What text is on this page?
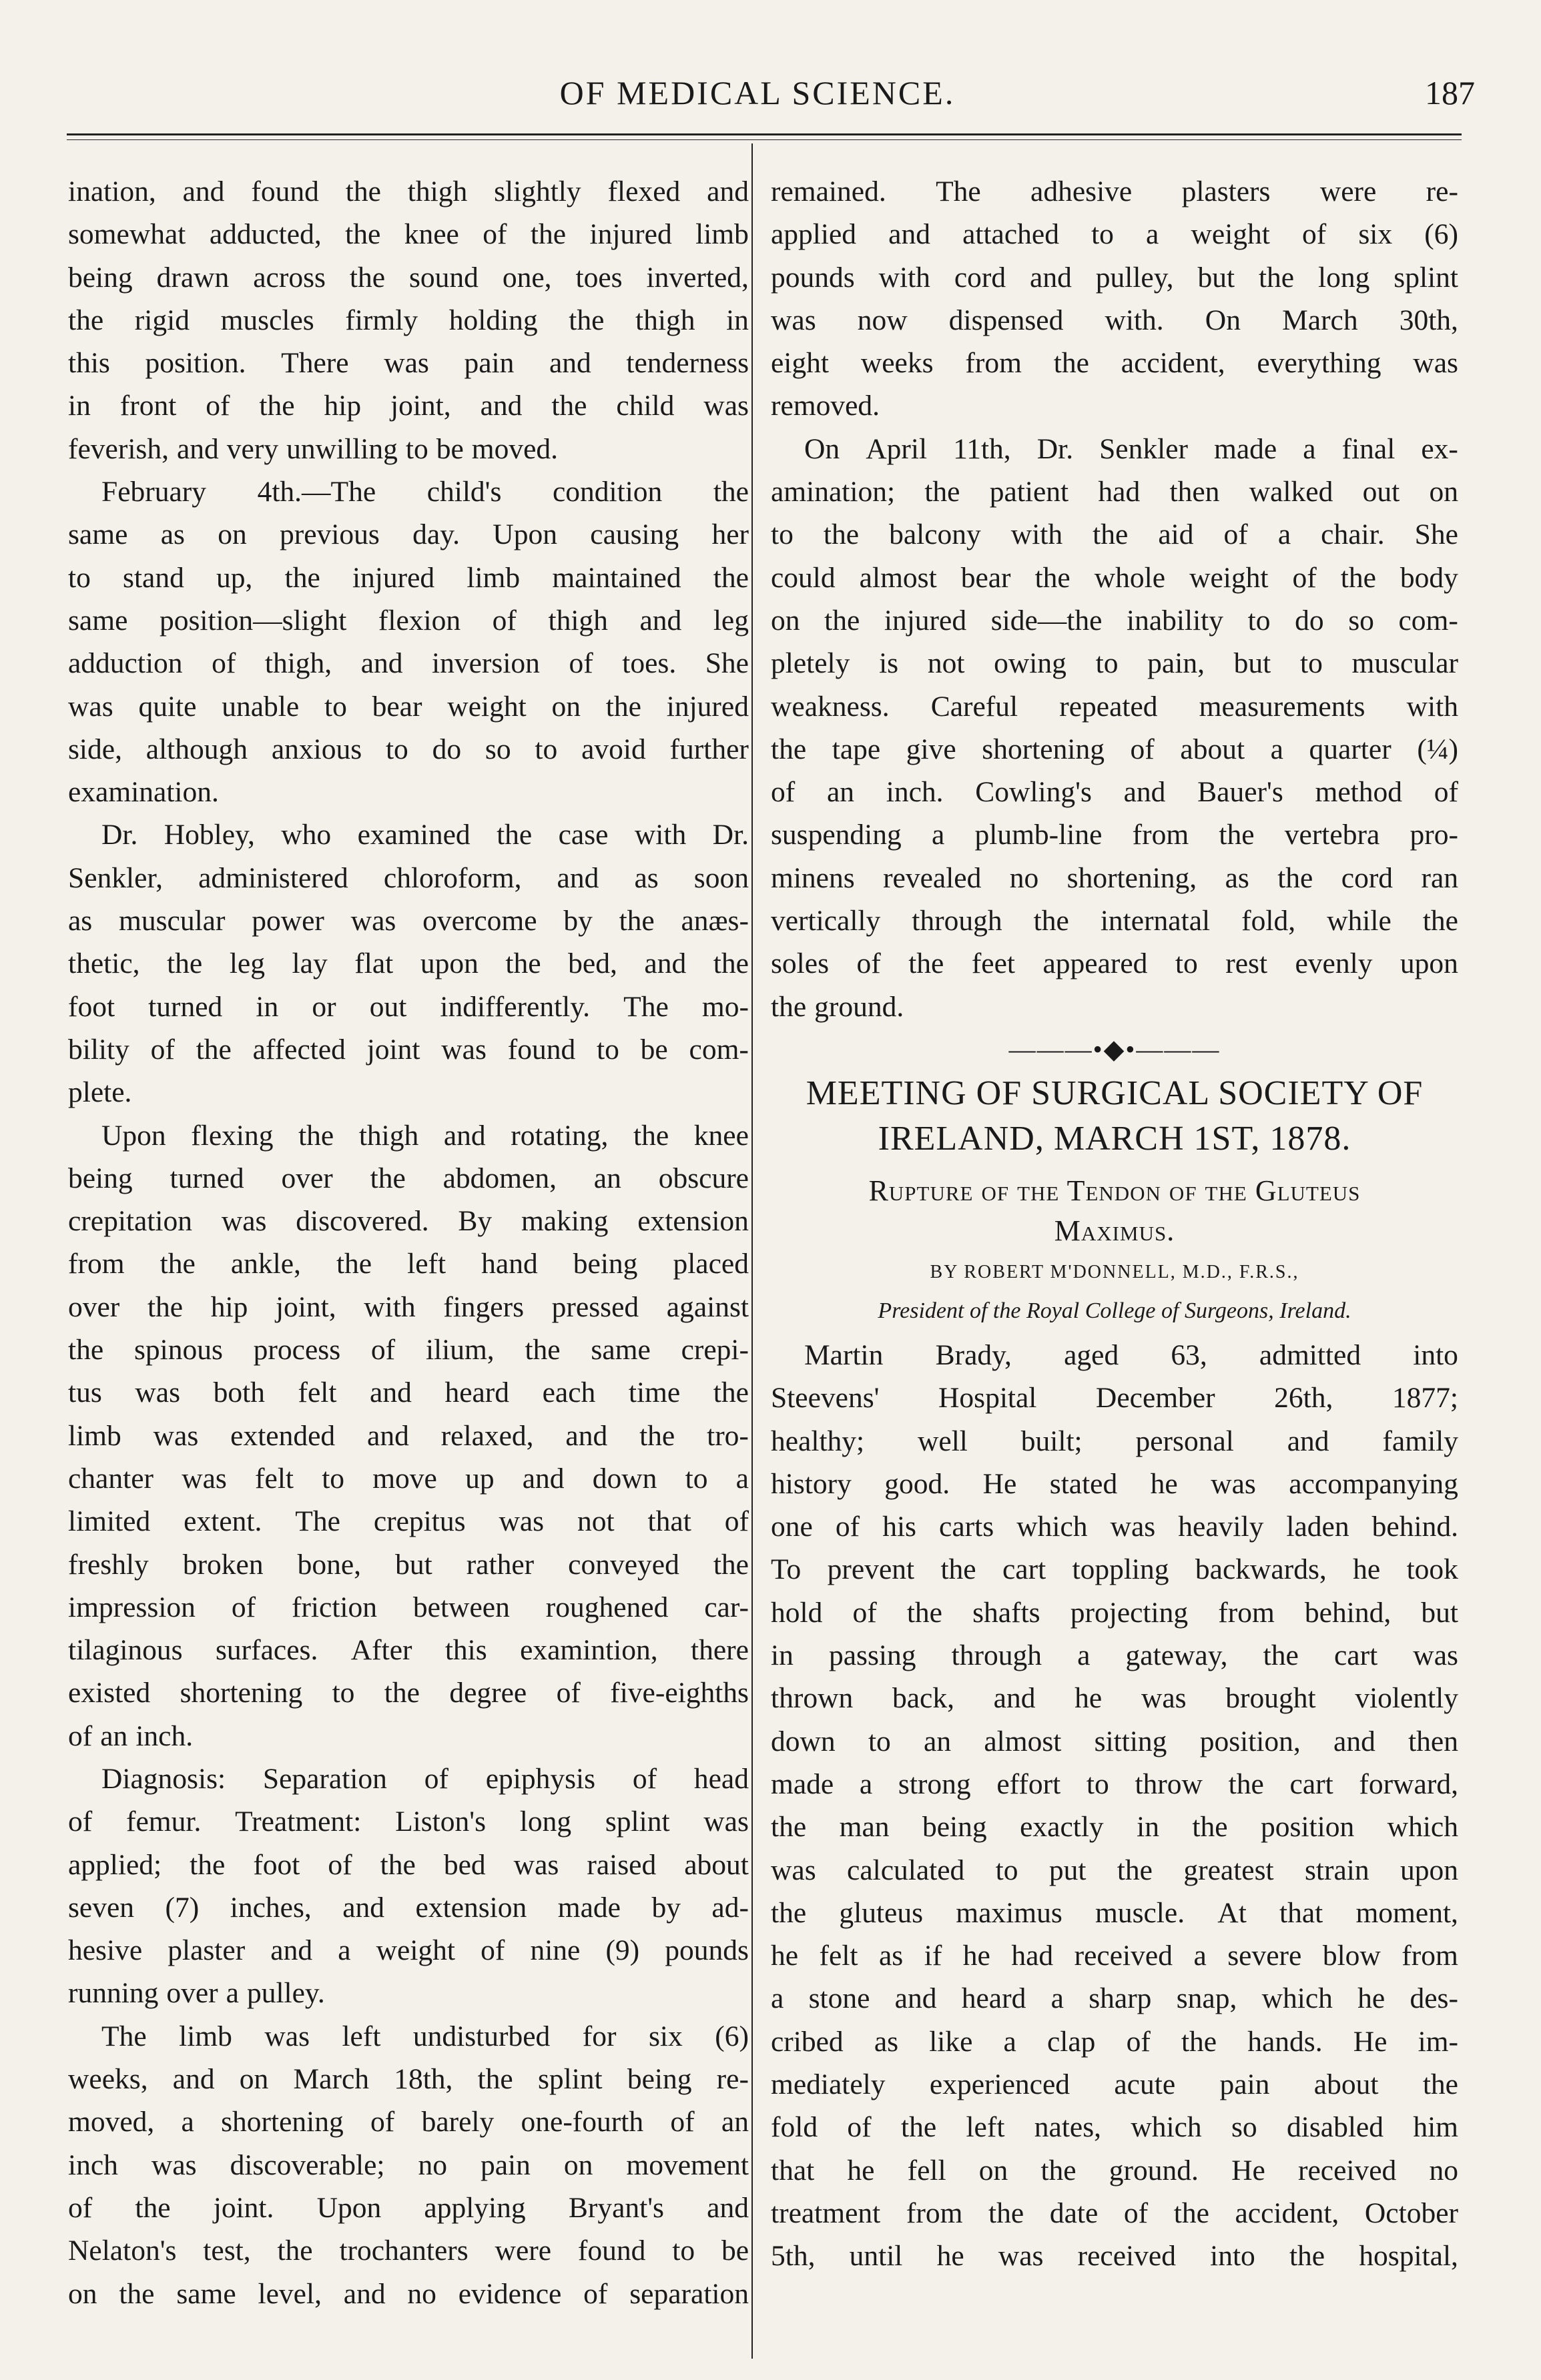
OF MEDICAL SCIENCE.	187
ination, and found the thigh slightly flexed and
somewhat adducted, the knee of the injured limb
being drawn across the sound one, toes inverted,
the rigid muscles firmly holding the thigh in
this position. There was pain and tenderness
in front of the hip joint, and the child was
feverish, and very unwilling to be moved.
February 4th.—The child's condition the
same as on previous day. Upon causing her
to stand up, the injured limb maintained the
same position—slight flexion of thigh and leg
adduction of thigh, and inversion of toes. She
was quite unable to bear weight on the injured
side, although anxious to do so to avoid further
examination.
Dr. Hobley, who examined the case with Dr.
Senkler, administered chloroform, and as soon
as muscular power was overcome by the anæs-
thetic, the leg lay flat upon the bed, and the
foot turned in or out indifferently. The mo-
bility of the affected joint was found to be com-
plete.
Upon flexing the thigh and rotating, the knee
being turned over the abdomen, an obscure
crepitation was discovered. By making extension
from the ankle, the left hand being placed
over the hip joint, with fingers pressed against
the spinous process of ilium, the same crepi-
tus was both felt and heard each time the
limb was extended and relaxed, and the tro-
chanter was felt to move up and down to a
limited extent. The crepitus was not that of
freshly broken bone, but rather conveyed the
impression of friction between roughened car-
tilaginous surfaces. After this examintion, there
existed shortening to the degree of five-eighths
of an inch.
Diagnosis: Separation of epiphysis of head
of femur. Treatment: Liston's long splint was
applied; the foot of the bed was raised about
seven (7) inches, and extension made by ad-
hesive plaster and a weight of nine (9) pounds
running over a pulley.
The limb was left undisturbed for six (6)
weeks, and on March 18th, the splint being re-
moved, a shortening of barely one-fourth of an
inch was discoverable; no pain on movement
of the joint. Upon applying Bryant's and
Nelaton's test, the trochanters were found to be
on the same level, and no evidence of separation
remained. The adhesive plasters were re-
applied and attached to a weight of six (6)
pounds with cord and pulley, but the long splint
was now dispensed with. On March 30th,
eight weeks from the accident, everything was
removed.
On April 11th, Dr. Senkler made a final ex-
amination; the patient had then walked out on
to the balcony with the aid of a chair. She
could almost bear the whole weight of the body
on the injured side—the inability to do so com-
pletely is not owing to pain, but to muscular
weakness. Careful repeated measurements with
the tape give shortening of about a quarter (¼)
of an inch. Cowling's and Bauer's method of
suspending a plumb-line from the vertebra pro-
minens revealed no shortening, as the cord ran
vertically through the internatal fold, while the
soles of the feet appeared to rest evenly upon
the ground.
———•◆•———
MEETING OF SURGICAL SOCIETY OF
IRELAND, MARCH 1ST, 1878.
Rupture of the Tendon of the Gluteus
Maximus.
BY ROBERT M'DONNELL, M.D., F.R.S.,
President of the Royal College of Surgeons, Ireland.
Martin Brady, aged 63, admitted into
Steevens' Hospital December 26th, 1877;
healthy; well built; personal and family
history good. He stated he was accompanying
one of his carts which was heavily laden behind.
To prevent the cart toppling backwards, he took
hold of the shafts projecting from behind, but
in passing through a gateway, the cart was
thrown back, and he was brought violently
down to an almost sitting position, and then
made a strong effort to throw the cart forward,
the man being exactly in the position which
was calculated to put the greatest strain upon
the gluteus maximus muscle. At that moment,
he felt as if he had received a severe blow from
a stone and heard a sharp snap, which he des-
cribed as like a clap of the hands. He im-
mediately experienced acute pain about the
fold of the left nates, which so disabled him
that he fell on the ground. He received no
treatment from the date of the accident, October
5th, until he was received into the hospital,
